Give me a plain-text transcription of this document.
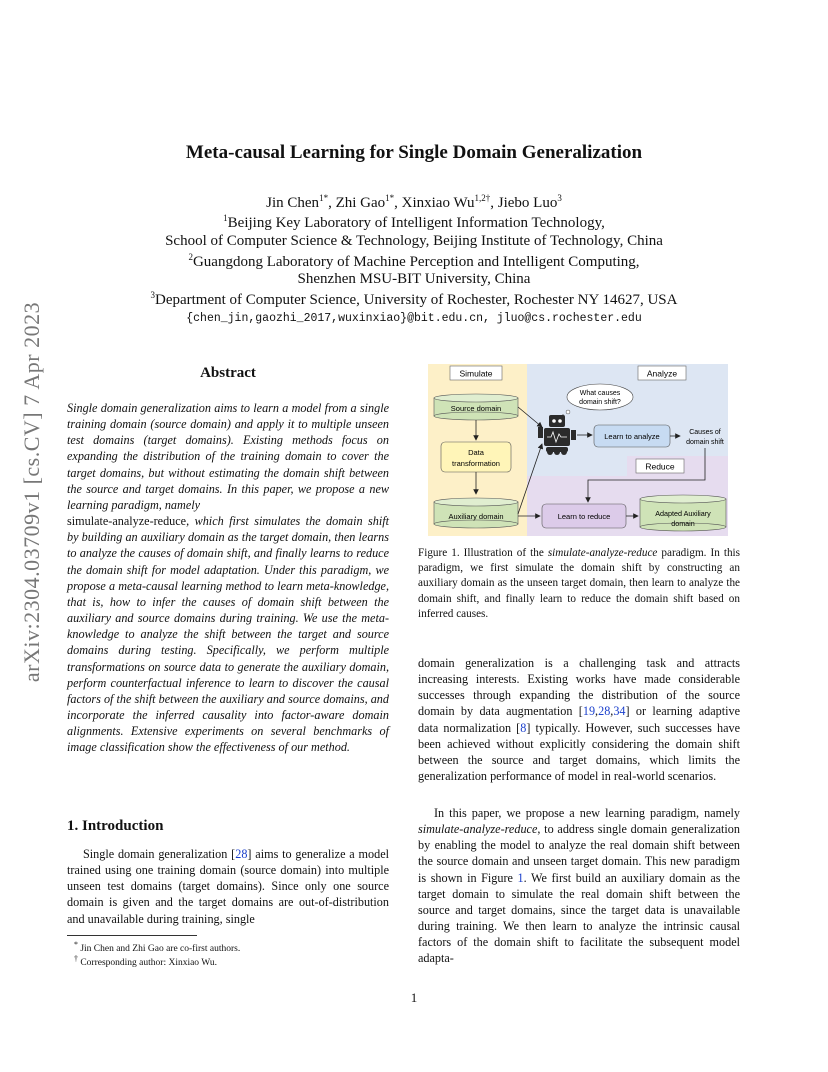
arXiv:2304.03709v1 [cs.CV] 7 Apr 2023
Meta-causal Learning for Single Domain Generalization
Jin Chen$^{1*}$, Zhi Gao$^{1*}$, Xinxiao $Wu^{1,2\dagger}$, Jiebo Luo$^3$
$^1$Beijing Key Laboratory of Intelligent Information Technology,
School of Computer Science & Technology, Beijing Institute of Technology, China
$^2$Guangdong Laboratory of Machine Perception and Intelligent Computing,
Shenzhen MSU-BIT University, China
$^3$Department of Computer Science, University of Rochester, Rochester NY 14627, USA
{chen_jin,gaozhi_2017,wuxinxiao}@bit.edu.cn, jluo@cs.rochester.edu
Abstract
Single domain generalization aims to learn a model from a single training domain (source domain) and apply it to multiple unseen test domains (target domains). Existing methods focus on expanding the distribution of the training domain to cover the target domains, but without estimating the domain shift between the source and target domains. In this paper, we propose a new learning paradigm, namely
simulate-analyze-reduce, which first simulates the domain shift by building an auxiliary domain as the target domain, then learns to analyze the causes of domain shift, and finally learns to reduce the domain shift for model adaptation. Under this paradigm, we propose a meta-causal learning method to learn meta-knowledge, that is, how to infer the causes of domain shift between the auxiliary and source domains during training. We use the meta-knowledge to analyze the shift between the target and source domains during testing. Specifically, we perform multiple transformations on source data to generate the auxiliary domain, perform counterfactual inference to learn to discover the causal factors of the shift between the auxiliary and source domains, and incorporate the inferred causality into factor-aware domain alignments. Extensive experiments on several benchmarks of image classification show the effectiveness of our method.
1. Introduction
Single domain generalization [28] aims to generalize a model trained using one training domain (source domain) into multiple unseen test domains (target domains). Since only one source domain is given and the target domains are out-of-distribution and unavailable during training, single
* Jin Chen and Zhi Gao are co-first authors.
† Corresponding author: Xinxiao Wu.
Simulate	Analyze
Reduce
Source domain
Data
transformation
Auxiliary domain
What causes
domain shift?
Learn to analyze	Causes of
domain shift
Learn to reduce	Adapted Auxiliary
domain
Figure 1. Illustration of the simulate-analyze-reduce paradigm. In this paradigm, we first simulate the domain shift by constructing an auxiliary domain as the unseen target domain, then learn to analyze the domain shift, and finally learn to reduce the domain shift based on inferred causes.
domain generalization is a challenging task and attracts increasing interests. Existing works have made considerable successes through expanding the distribution of the source domain by data augmentation [19,28,34] or learning adaptive data normalization [8] typically. However, such successes have been achieved without explicitly considering the domain shift between the source and target domains, which limits the generalization performance of model in real-world scenarios.
In this paper, we propose a new learning paradigm, namely simulate-analyze-reduce, to address single domain generalization by enabling the model to analyze the real domain shift between the source domain and unseen target domain. This new paradigm is shown in Figure 1. We first build an auxiliary domain as the target domain to simulate the real domain shift between the source and target domains, since the target data is unavailable during training. We then learn to analyze the intrinsic causal factors of the domain shift to facilitate the subsequent model adapta-
1
